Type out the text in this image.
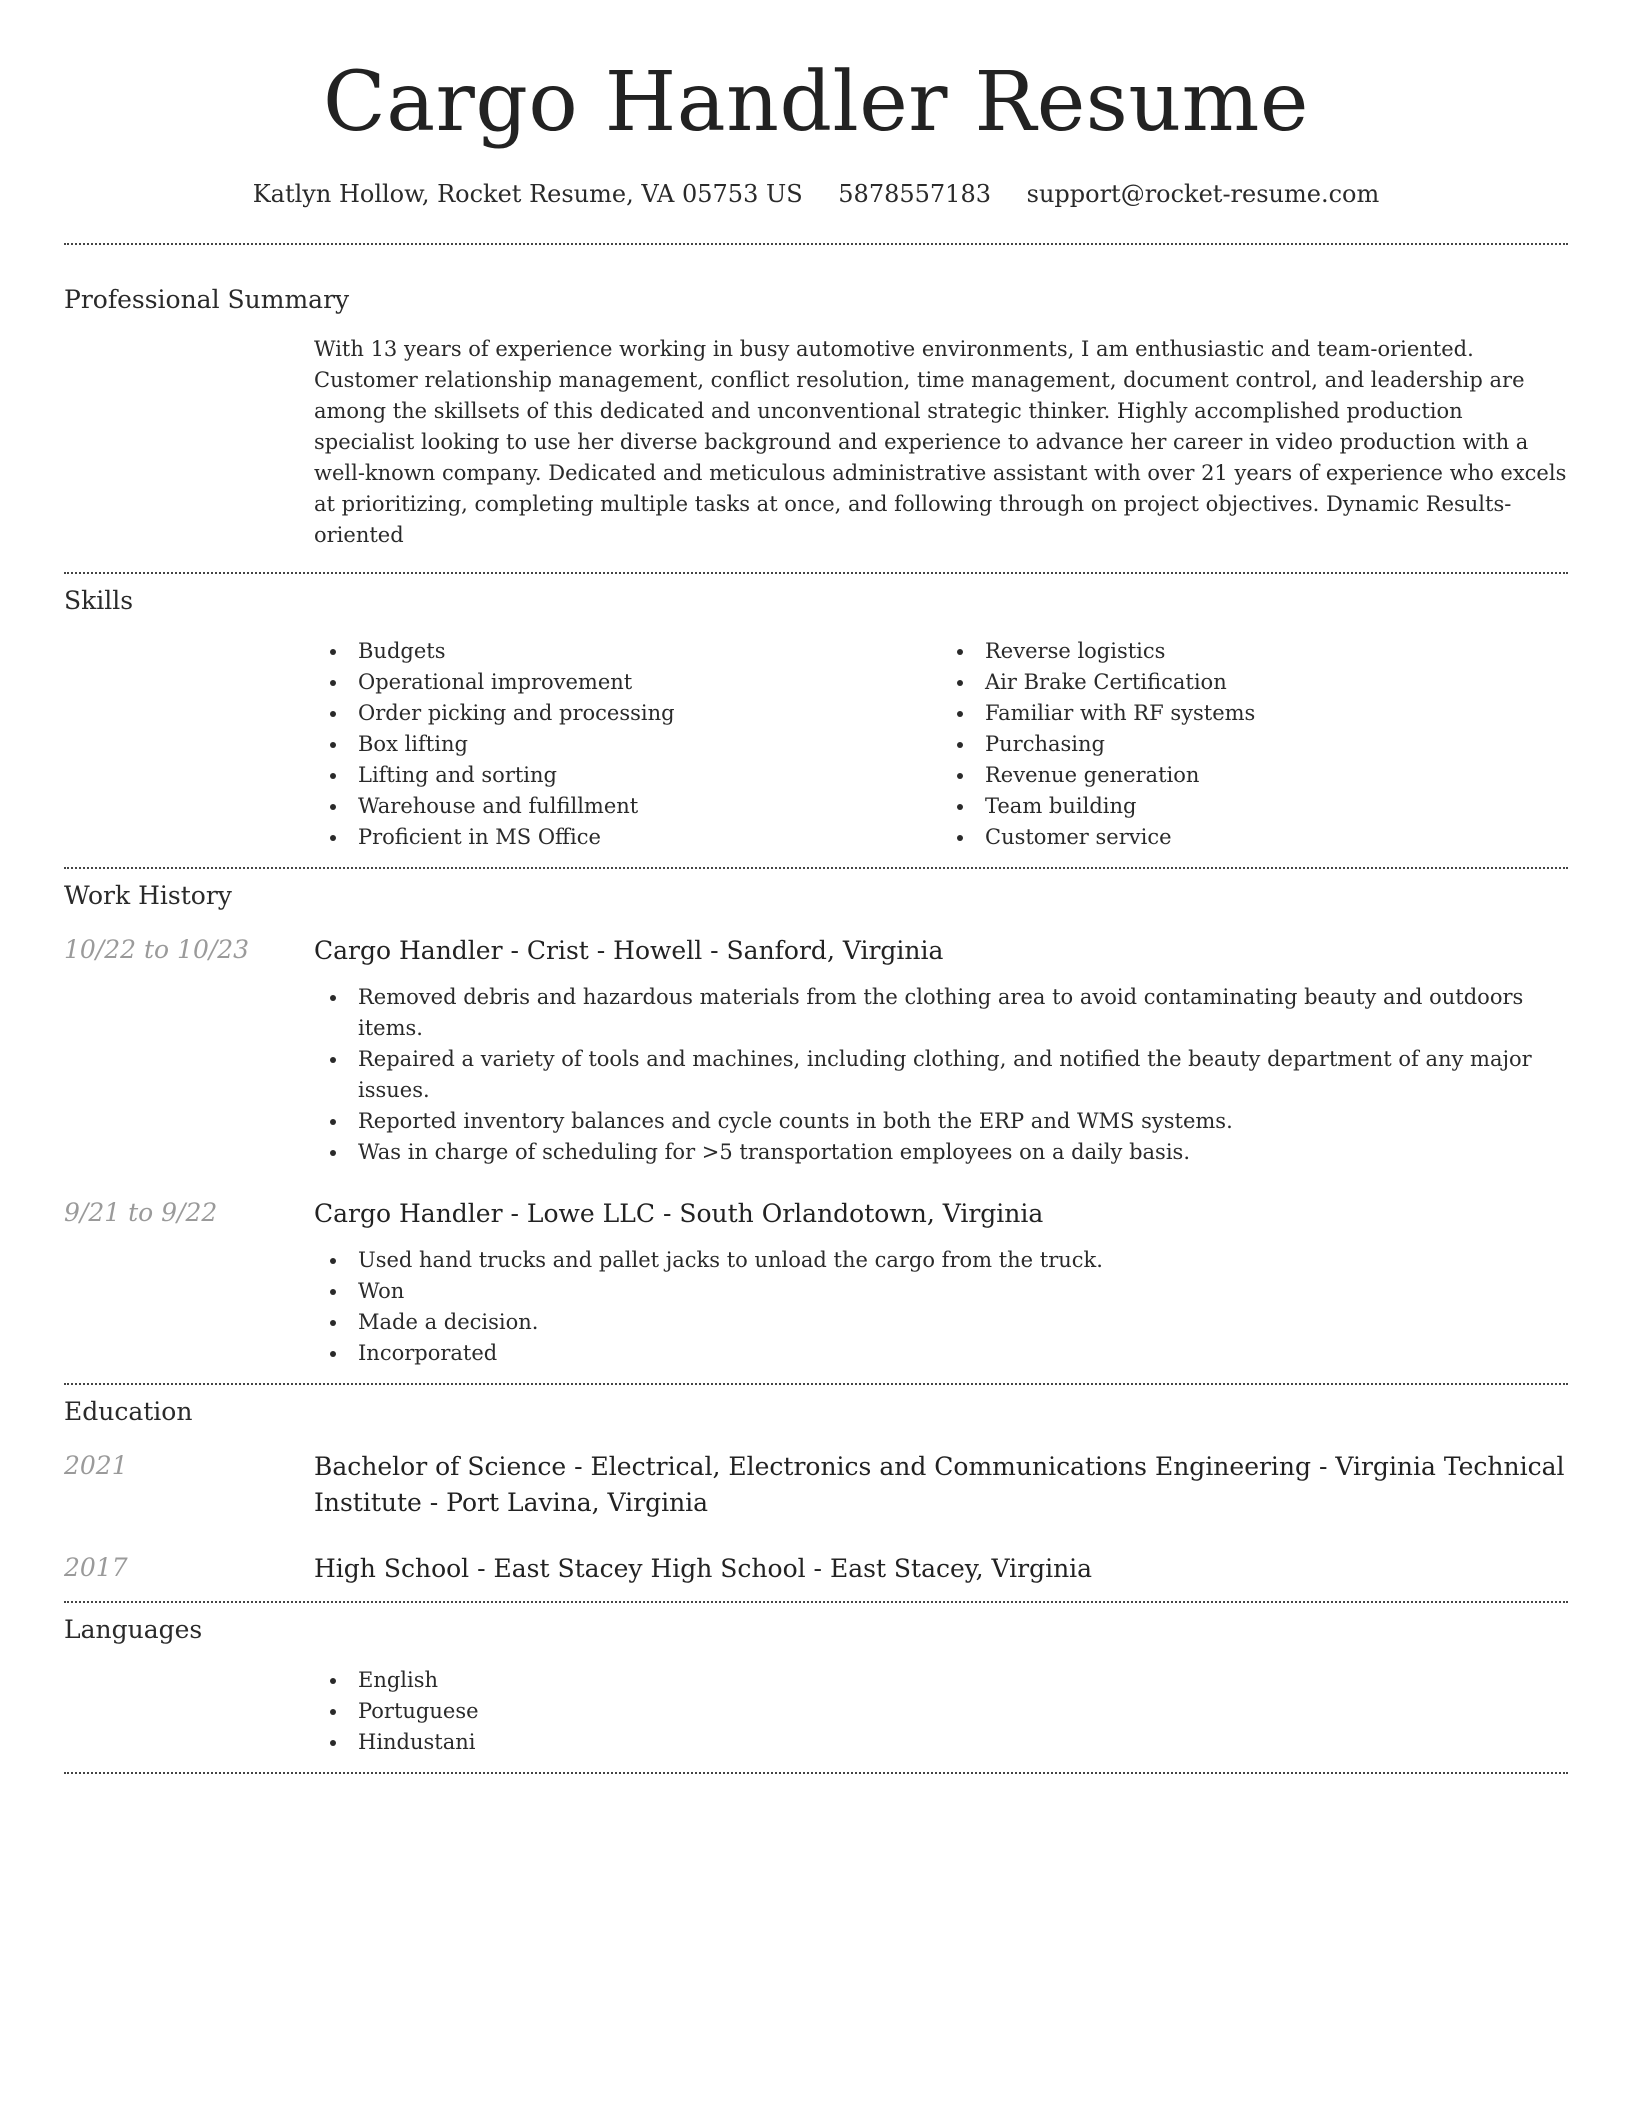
Cargo Handler Resume
Katlyn Hollow, Rocket Resume, VA 05753 US 5878557183 support@rocket-resume.com
Professional Summary

With 13 years of experience working in busy automotive environments, I am enthusiastic and team-oriented. Customer relationship management, conflict resolution, time management, document control, and leadership are among the skillsets of this dedicated and unconventional strategic thinker. Highly accomplished production specialist looking to use her diverse background and experience to advance her career in video production with a well-known company. Dedicated and meticulous administrative assistant with over 21 years of experience who excels at prioritizing, completing multiple tasks at once, and following through on project objectives. Dynamic Results-oriented

Skills
Budgets
Operational improvement
Order picking and processing
Box lifting
Lifting and sorting
Warehouse and fulfillment
Proficient in MS Office
Reverse logistics
Air Brake Certification
Familiar with RF systems
Purchasing
Revenue generation
Team building
Customer service
Work History
10/22 to 10/23	Cargo Handler - Crist - Howell - Sanford, Virginia
Removed debris and hazardous materials from the clothing area to avoid contaminating beauty and outdoors items.
Repaired a variety of tools and machines, including clothing, and notified the beauty department of any major issues.
Reported inventory balances and cycle counts in both the ERP and WMS systems.
Was in charge of scheduling for >5 transportation employees on a daily basis.
9/21 to 9/22	Cargo Handler - Lowe LLC - South Orlandotown, Virginia
Used hand trucks and pallet jacks to unload the cargo from the truck.
Won
Made a decision.
Incorporated
Education
2021	Bachelor of Science - Electrical, Electronics and Communications Engineering - Virginia Technical Institute - Port Lavina, Virginia
2017	High School - East Stacey High School - East Stacey, Virginia
Languages
English
Portuguese
Hindustani
